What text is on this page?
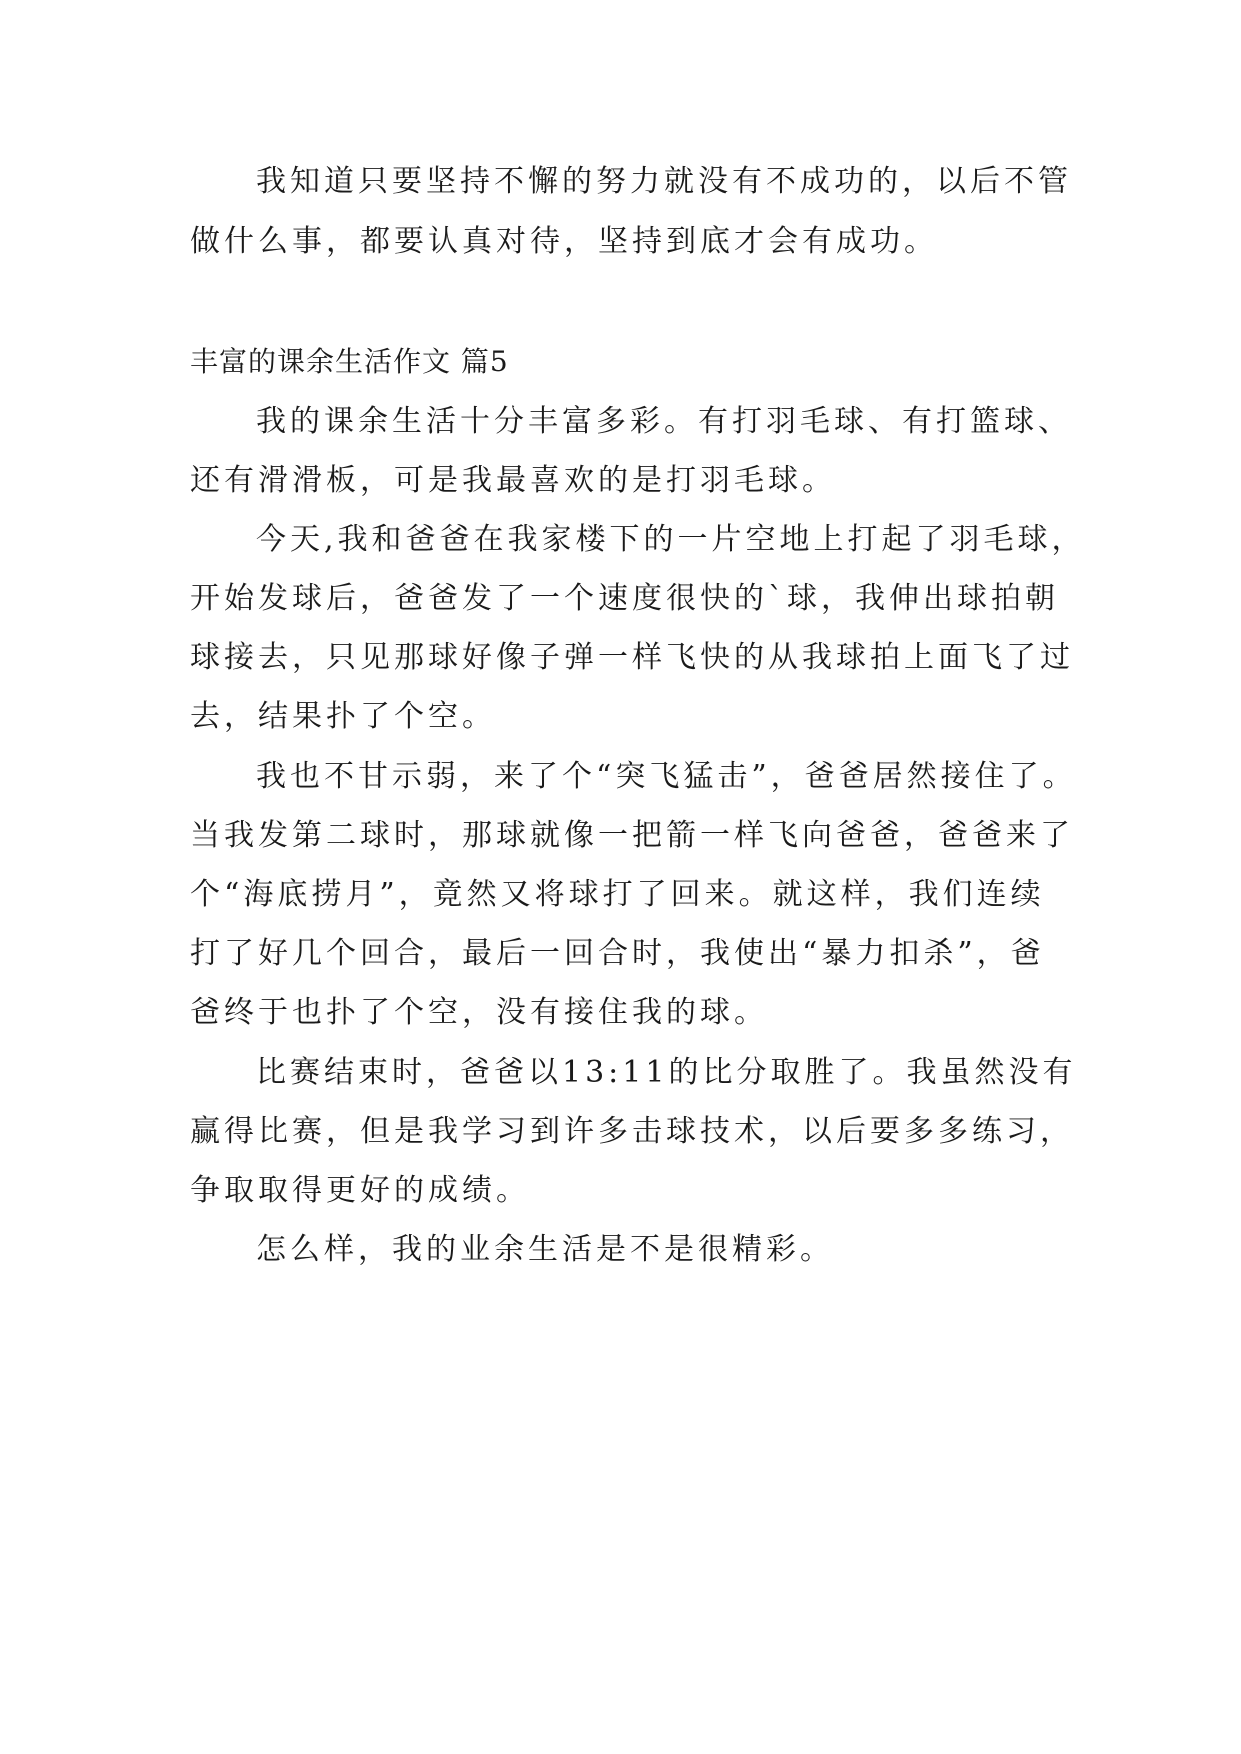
我知道只要坚持不懈的努力就没有不成功的，以后不管
做什么事，都要认真对待，坚持到底才会有成功。
丰富的课余生活作文 篇5
我的课余生活十分丰富多彩。有打羽毛球、有打篮球、
还有滑滑板，可是我最喜欢的是打羽毛球。
今天,我和爸爸在我家楼下的一片空地上打起了羽毛球，
开始发球后，爸爸发了一个速度很快的`球，我伸出球拍朝
球接去，只见那球好像子弹一样飞快的从我球拍上面飞了过
去，结果扑了个空。
我也不甘示弱，来了个“突飞猛击”，爸爸居然接住了。
当我发第二球时，那球就像一把箭一样飞向爸爸，爸爸来了
个“海底捞月”，竟然又将球打了回来。就这样，我们连续
打了好几个回合，最后一回合时，我使出“暴力扣杀”，爸
爸终于也扑了个空，没有接住我的球。
比赛结束时，爸爸以13:11的比分取胜了。我虽然没有
赢得比赛，但是我学习到许多击球技术，以后要多多练习，
争取取得更好的成绩。
怎么样，我的业余生活是不是很精彩。
